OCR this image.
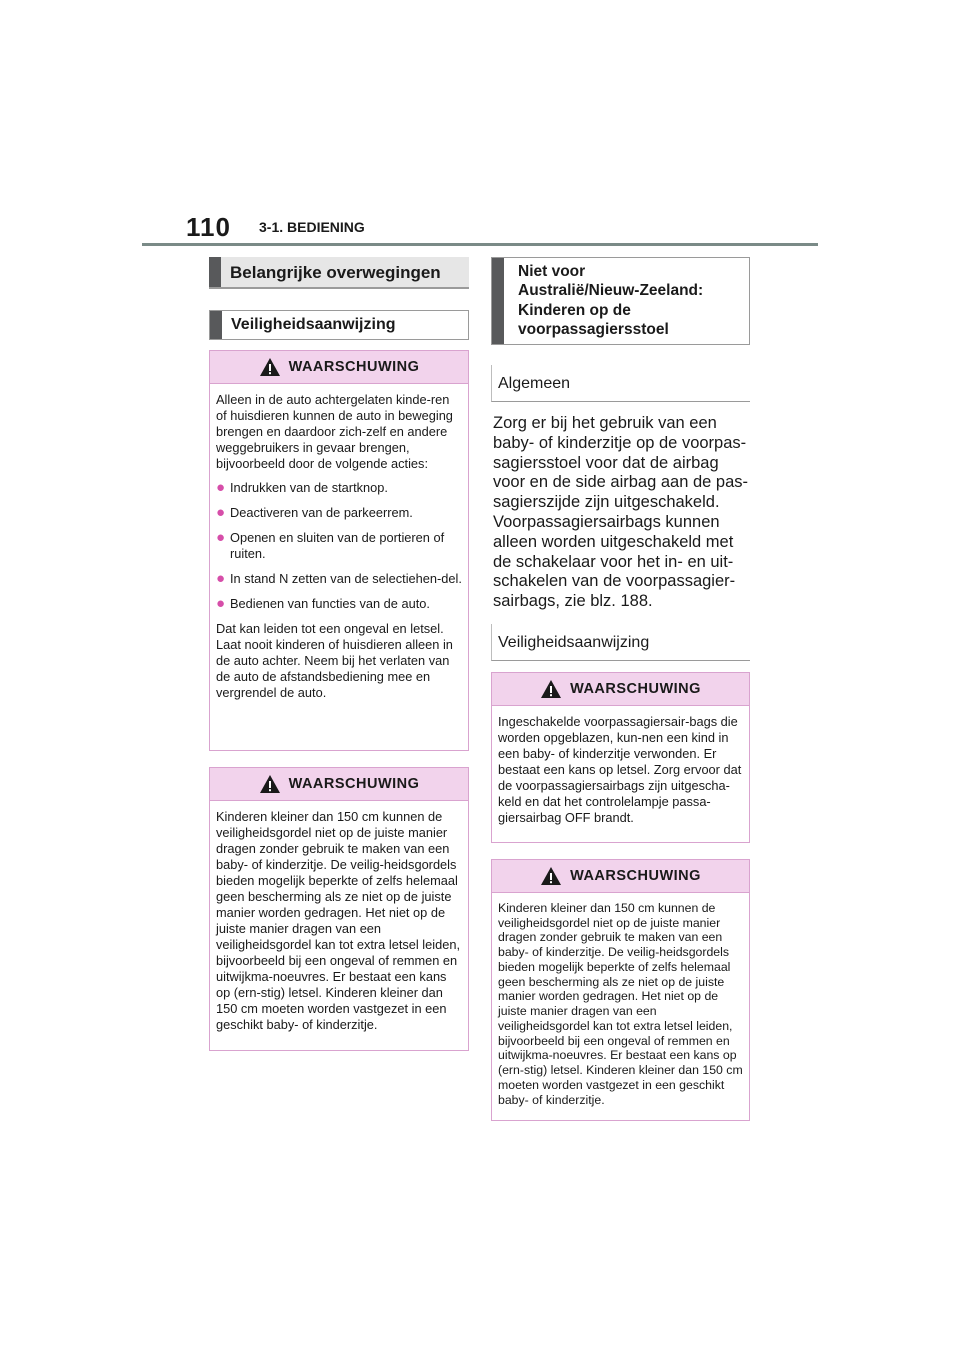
110 3-1. BEDIENING
Belangrijke overwegingen
Veiligheidsaanwijzing
WAARSCHUWING

Alleen in de auto achtergelaten kinde-ren of huisdieren kunnen de auto in beweging brengen en daardoor zich-zelf en andere weggebruikers in gevaar brengen, bijvoorbeeld door de volgende acties:

● Indrukken van de startknop.
● Deactiveren van de parkeerrem.
● Openen en sluiten van de portieren of ruiten.
● In stand N zetten van de selectiehen-del.
● Bedienen van functies van de auto.

Dat kan leiden tot een ongeval en letsel. Laat nooit kinderen of huisdieren alleen in de auto achter. Neem bij het verlaten van de auto de afstandsbediening mee en vergrendel de auto.

WAARSCHUWING

Kinderen kleiner dan 150 cm kunnen de veiligheidsgordel niet op de juiste manier dragen zonder gebruik te maken van een baby- of kinderzitje. De veilig-heidsgordels bieden mogelijk beperkte of zelfs helemaal geen bescherming als ze niet op de juiste manier worden gedragen. Het niet op de juiste manier dragen van een veiligheidsgordel kan tot extra letsel leiden, bijvoorbeeld bij een ongeval of remmen en uitwijkma-noeuvres. Er bestaat een kans op (ern-stig) letsel. Kinderen kleiner dan 150 cm moeten worden vastgezet in een geschikt baby- of kinderzitje.

Niet voor
Australië/Nieuw-Zeeland:
Kinderen op de
voorpassagiersstoel
Algemeen
Zorg er bij het gebruik van een baby- of kinderzitje op de voorpas-sagiersstoel voor dat de airbag voor en de side airbag aan de pas-sagierszijde zijn uitgeschakeld. Voorpassagiersairbags kunnen alleen worden uitgeschakeld met de schakelaar voor het in- en uit-schakelen van de voorpassagier-sairbags, zie blz. 188.
Veiligheidsaanwijzing
WAARSCHUWING

Ingeschakelde voorpassagiersair-bags die worden opgeblazen, kun-nen een kind in een baby- of kinderzitje verwonden. Er bestaat een kans op letsel. Zorg ervoor dat de voorpassagiersairbags zijn uitgescha-keld en dat het controlelampje passa-giersairbag OFF brandt.

WAARSCHUWING

Kinderen kleiner dan 150 cm kunnen de veiligheidsgordel niet op de juiste manier dragen zonder gebruik te maken van een baby- of kinderzitje. De veilig-heidsgordels bieden mogelijk beperkte of zelfs helemaal geen bescherming als ze niet op de juiste manier worden gedragen. Het niet op de juiste manier dragen van een veiligheidsgordel kan tot extra letsel leiden, bijvoorbeeld bij een ongeval of remmen en uitwijkma-noeuvres. Er bestaat een kans op (ern-stig) letsel. Kinderen kleiner dan 150 cm moeten worden vastgezet in een geschikt baby- of kinderzitje.
